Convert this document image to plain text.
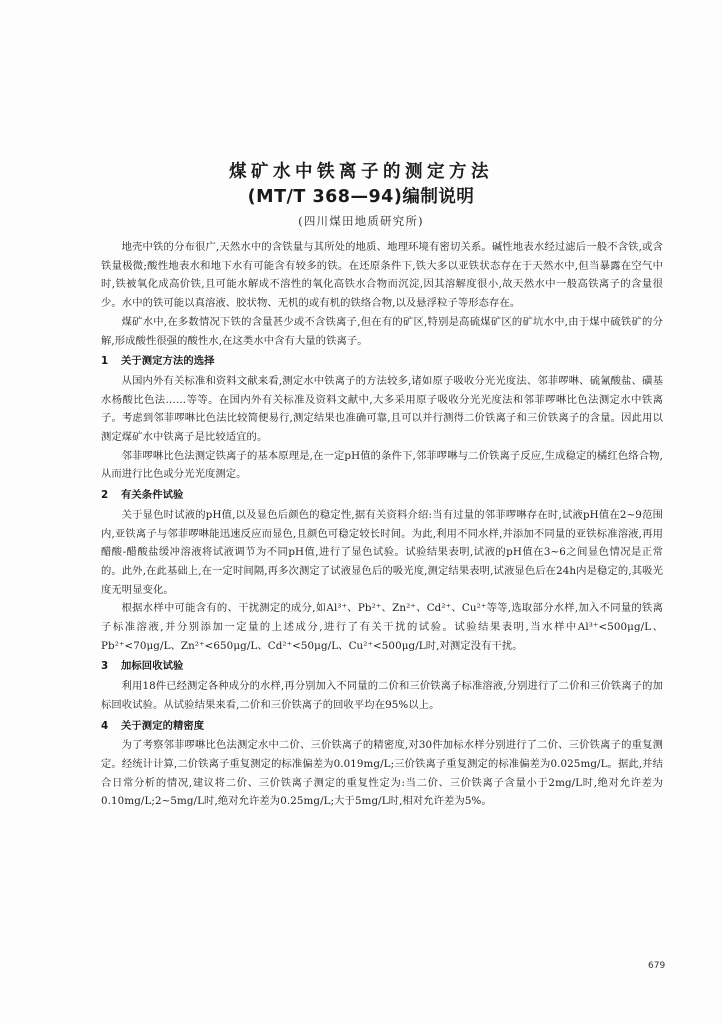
煤矿水中铁离子的测定方法
(MT/T 368—94)编制说明
(四川煤田地质研究所)

地壳中铁的分布很广,天然水中的含铁量与其所处的地质、地理环境有密切关系。碱性地表水经过滤后一般不含铁,或含铁量极微;酸性地表水和地下水有可能含有较多的铁。在还原条件下,铁大多以亚铁状态存在于天然水中,但当暴露在空气中时,铁被氧化成高价铁,且可能水解成不溶性的氧化高铁水合物而沉淀,因其溶解度很小,故天然水中一般高铁离子的含量很少。水中的铁可能以真溶液、胶状物、无机的或有机的铁络合物,以及悬浮粒子等形态存在。

煤矿水中,在多数情况下铁的含量甚少或不含铁离子,但在有的矿区,特别是高硫煤矿区的矿坑水中,由于煤中硫铁矿的分解,形成酸性很强的酸性水,在这类水中含有大量的铁离子。

1 关于测定方法的选择

从国内外有关标准和资料文献来看,测定水中铁离子的方法较多,诸如原子吸收分光光度法、邻菲啰啉、硫氰酸盐、磺基水杨酸比色法……等等。在国内外有关标准及资料文献中,大多采用原子吸收分光光度法和邻菲啰啉比色法测定水中铁离子。考虑到邻菲啰啉比色法比较简便易行,测定结果也准确可靠,且可以并行测得二价铁离子和三价铁离子的含量。因此用以测定煤矿水中铁离子是比较适宜的。

邻菲啰啉比色法测定铁离子的基本原理是,在一定pH值的条件下,邻菲啰啉与二价铁离子反应,生成稳定的橘红色络合物,从而进行比色或分光光度测定。

2 有关条件试验

关于显色时试液的pH值,以及显色后颜色的稳定性,据有关资料介绍:当有过量的邻菲啰啉存在时,试液pH值在2~9范围内,亚铁离子与邻菲啰啉能迅速反应而显色,且颜色可稳定较长时间。为此,利用不同水样,并添加不同量的亚铁标准溶液,再用醋酸-醋酸盐缓冲溶液将试液调节为不同pH值,进行了显色试验。试验结果表明,试液的pH值在3~6之间显色情况是正常的。此外,在此基础上,在一定时间隔,再多次测定了试液显色后的吸光度,测定结果表明,试液显色后在24h内是稳定的,其吸光度无明显变化。

根据水样中可能含有的、干扰测定的成分,如Al³⁺、Pb²⁺、Zn²⁺、Cd²⁺、Cu²⁺等等,选取部分水样,加入不同量的铁离子标准溶液,并分别添加一定量的上述成分,进行了有关干扰的试验。试验结果表明,当水样中Al³⁺<500μg/L、Pb²⁺<70μg/L、Zn²⁺<650μg/L、Cd²⁺<50μg/L、Cu²⁺<500μg/L时,对测定没有干扰。

3 加标回收试验

利用18件已经测定各种成分的水样,再分别加入不同量的二价和三价铁离子标准溶液,分别进行了二价和三价铁离子的加标回收试验。从试验结果来看,二价和三价铁离子的回收平均在95%以上。

4 关于测定的精密度

为了考察邻菲啰啉比色法测定水中二价、三价铁离子的精密度,对30件加标水样分别进行了二价、三价铁离子的重复测定。经统计计算,二价铁离子重复测定的标准偏差为0.019mg/L;三价铁离子重复测定的标准偏差为0.025mg/L。据此,并结合日常分析的情况,建议将二价、三价铁离子测定的重复性定为:当二价、三价铁离子含量小于2mg/L时,绝对允许差为0.10mg/L;2~5mg/L时,绝对允许差为0.25mg/L;大于5mg/L时,相对允许差为5%。

679
